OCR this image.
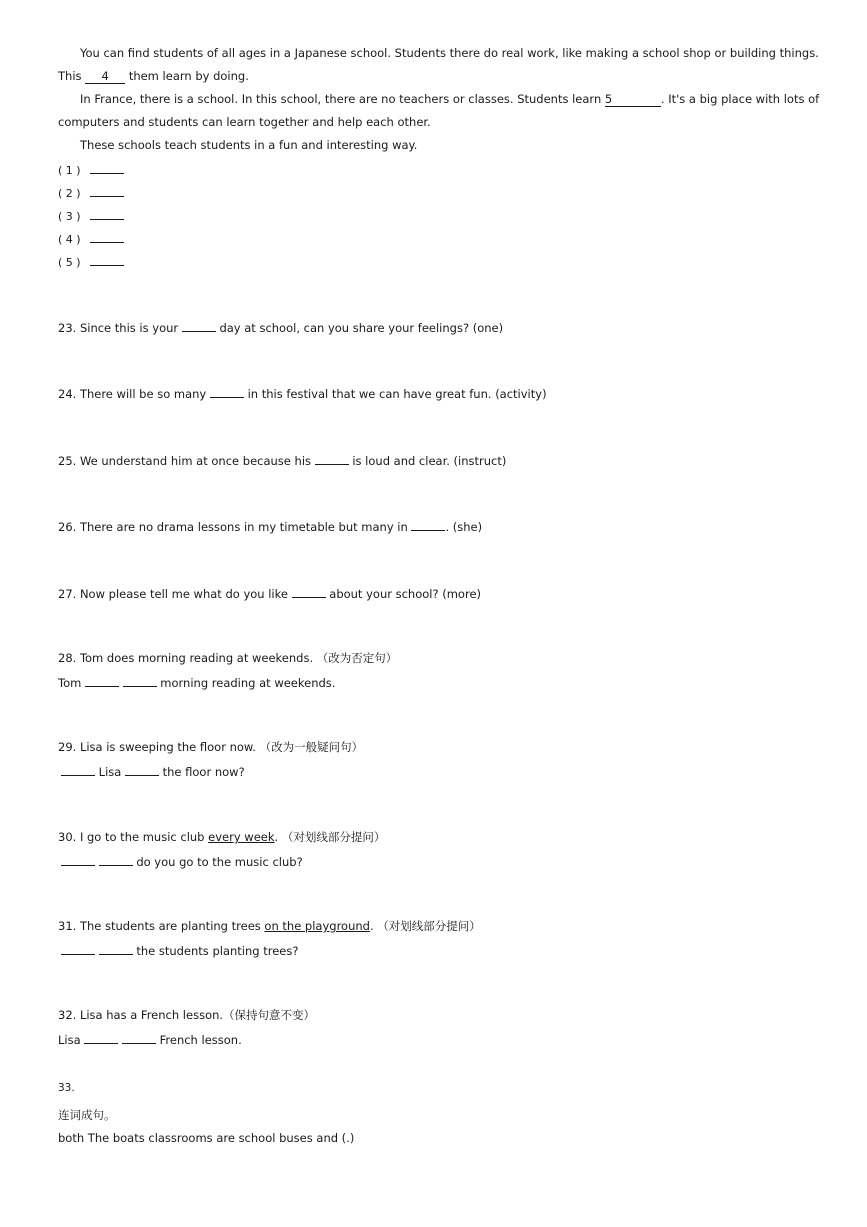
You can find students of all ages in a Japanese school. Students there do real work, like making a school shop or building things.
This 4 them learn by doing.
In France, there is a school. In this school, there are no teachers or classes. Students learn 5	. It's a big place with lots of
computers and students can learn together and help each other.
These schools teach students in a fun and interesting way.
( 1 )
( 2 )
( 3 )
( 4 )
( 5 )
23. Since this is your	day at school, can you share your feelings? (one)
24. There will be so many	in this festival that we can have great fun. (activity)
25. We understand him at once because his	is loud and clear. (instruct)
26. There are no drama lessons in my timetable but many in	. (she)
27. Now please tell me what do you like	about your school? (more)
28. Tom does morning reading at weekends. （改为否定句）
Tom	morning reading at weekends.
29. Lisa is sweeping the floor now. （改为一般疑问句）
Lisa	the floor now?
30. I go to the music club every week. （对划线部分提问）
do you go to the music club?
31. The students are planting trees on the playground. （对划线部分提问）
the students planting trees?
32. Lisa has a French lesson.（保持句意不变）
Lisa	French lesson.
33.
连词成句。
both The boats classrooms are school buses and (.)
